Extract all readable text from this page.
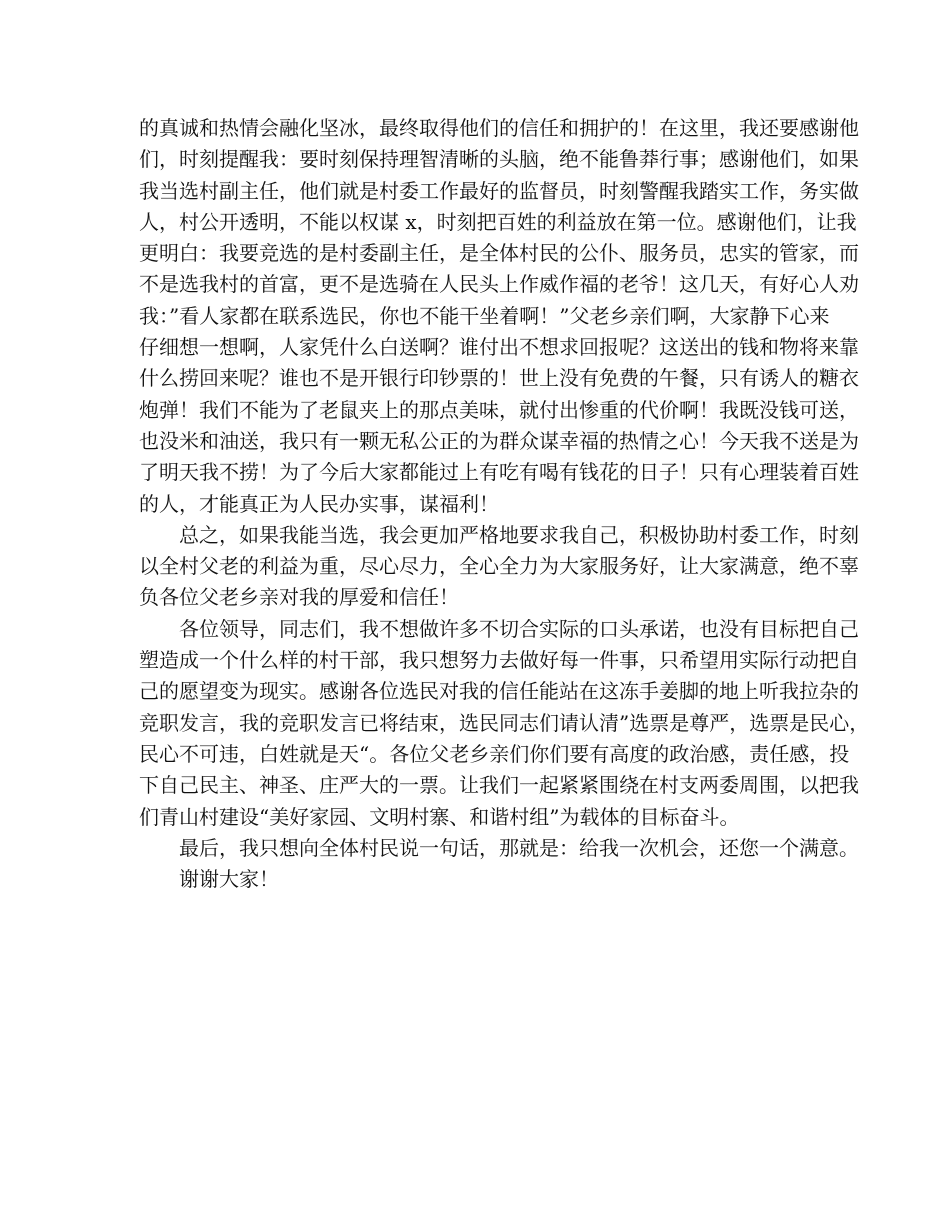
的真诚和热情会融化坚冰，最终取得他们的信任和拥护的！在这里，我还要感谢他
们，时刻提醒我：要时刻保持理智清晰的头脑，绝不能鲁莽行事；感谢他们，如果
我当选村副主任，他们就是村委工作最好的监督员，时刻警醒我踏实工作，务实做
人，村公开透明，不能以权谋 x，时刻把百姓的利益放在第一位。感谢他们，让我
更明白：我要竞选的是村委副主任，是全体村民的公仆、服务员，忠实的管家，而
不是选我村的首富，更不是选骑在人民头上作威作福的老爷！这几天，有好心人劝
我：”看人家都在联系选民，你也不能干坐着啊！”父老乡亲们啊，大家静下心来
仔细想一想啊，人家凭什么白送啊？谁付出不想求回报呢？这送出的钱和物将来靠
什么捞回来呢？谁也不是开银行印钞票的！世上没有免费的午餐，只有诱人的糖衣
炮弹！我们不能为了老鼠夹上的那点美味，就付出惨重的代价啊！我既没钱可送，
也没米和油送，我只有一颗无私公正的为群众谋幸福的热情之心！今天我不送是为
了明天我不捞！为了今后大家都能过上有吃有喝有钱花的日子！只有心理装着百姓
的人，才能真正为人民办实事，谋福利！
总之，如果我能当选，我会更加严格地要求我自己，积极协助村委工作，时刻
以全村父老的利益为重，尽心尽力，全心全力为大家服务好，让大家满意，绝不辜
负各位父老乡亲对我的厚爱和信任！
各位领导，同志们，我不想做许多不切合实际的口头承诺，也没有目标把自己
塑造成一个什么样的村干部，我只想努力去做好每一件事，只希望用实际行动把自
己的愿望变为现实。感谢各位选民对我的信任能站在这冻手姜脚的地上听我拉杂的
竞职发言，我的竞职发言已将结束，选民同志们请认清”选票是尊严，选票是民心，
民心不可违，白姓就是天“。各位父老乡亲们你们要有高度的政治感，责任感，投
下自己民主、神圣、庄严大的一票。让我们一起紧紧围绕在村支两委周围，以把我
们青山村建设“美好家园、文明村寨、和谐村组”为载体的目标奋斗。
最后，我只想向全体村民说一句话，那就是：给我一次机会，还您一个满意。
谢谢大家！
